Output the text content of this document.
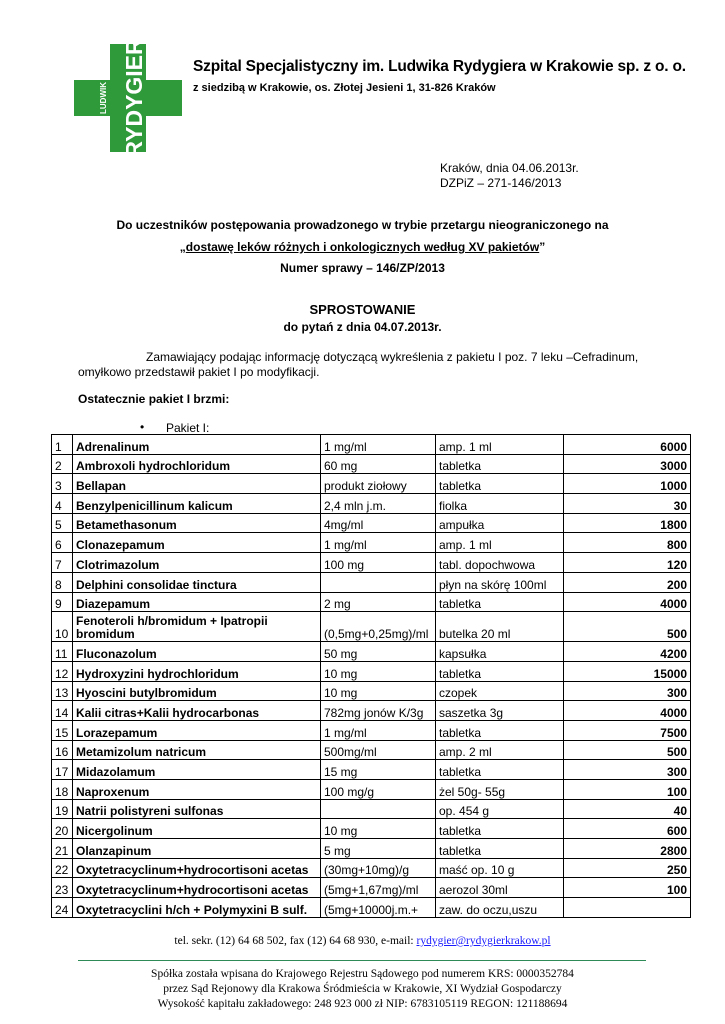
RYDYGIER
LUDWIK
Szpital Specjalistyczny im. Ludwika Rydygiera w Krakowie sp. z o. o.
z siedzibą w Krakowie, os. Złotej Jesieni 1, 31-826 Kraków
Kraków, dnia 04.06.2013r.
DZPiZ – 271-146/2013
Do uczestników postępowania prowadzonego w trybie przetargu nieograniczonego na
„dostawę leków różnych i onkologicznych według XV pakietów”
Numer sprawy – 146/ZP/2013
SPROSTOWANIE
do pytań z dnia 04.07.2013r.
Zamawiający podając informację dotyczącą wykreślenia z pakietu I poz. 7 leku –Cefradinum,
omyłkowo przedstawił pakiet I po modyfikacji.
Ostatecznie pakiet I brzmi:
• Pakiet I:
1	Adrenalinum	1 mg/ml	amp. 1 ml	6000
2	Ambroxoli hydrochloridum	60 mg	tabletka	3000
3	Bellapan	produkt ziołowy	tabletka	1000
4	Benzylpenicillinum kalicum	2,4 mln j.m.	fiolka	30
5	Betamethasonum	4mg/ml	ampułka	1800
6	Clonazepamum	1 mg/ml	amp. 1 ml	800
7	Clotrimazolum	100 mg	tabl. dopochwowa	120
8	Delphini consolidae tinctura		płyn na skórę 100ml	200
9	Diazepamum	2 mg	tabletka	4000
10	Fenoteroli h/bromidum + Ipatropii bromidum	(0,5mg+0,25mg)/ml	butelka 20 ml	500
11	Fluconazolum	50 mg	kapsułka	4200
12	Hydroxyzini hydrochloridum	10 mg	tabletka	15000
13	Hyoscini butylbromidum	10 mg	czopek	300
14	Kalii citras+Kalii hydrocarbonas	782mg jonów K/3g	saszetka 3g	4000
15	Lorazepamum	1 mg/ml	tabletka	7500
16	Metamizolum natricum	500mg/ml	amp. 2 ml	500
17	Midazolamum	15 mg	tabletka	300
18	Naproxenum	100 mg/g	żel 50g- 55g	100
19	Natrii polistyreni sulfonas		op. 454 g	40
20	Nicergolinum	10 mg	tabletka	600
21	Olanzapinum	5 mg	tabletka	2800
22	Oxytetracyclinum+hydrocortisoni acetas	(30mg+10mg)/g	maść op. 10 g	250
23	Oxytetracyclinum+hydrocortisoni acetas	(5mg+1,67mg)/ml	aerozol 30ml	100
24	Oxytetracyclini h/ch + Polymyxini B sulf.	(5mg+10000j.m.+	zaw. do oczu,uszu	
tel. sekr. (12) 64 68 502, fax (12) 64 68 930, e-mail: rydygier@rydygierkrakow.pl
Spółka została wpisana do Krajowego Rejestru Sądowego pod numerem KRS: 0000352784
przez Sąd Rejonowy dla Krakowa Śródmieścia w Krakowie, XI Wydział Gospodarczy
Wysokość kapitału zakładowego: 248 923 000 zł NIP: 6783105119 REGON: 121188694
